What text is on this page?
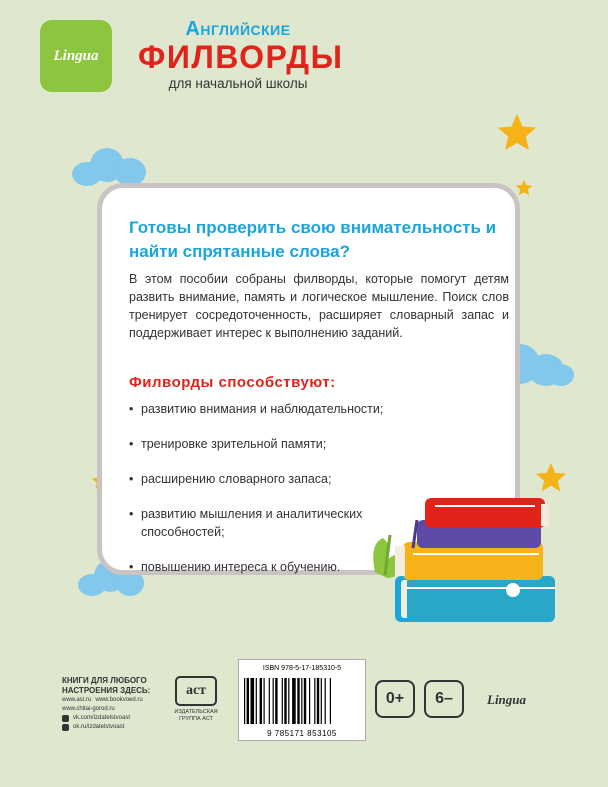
Lingua
Английские
ФИЛВОРДЫ
для начальной школы
Готовы проверить свою внимательность и найти спрятанные слова?
В этом пособии собраны филворды, которые помогут детям развить внимание, память и логическое мышление. Поиск слов тренирует сосредоточенность, расширяет словарный запас и поддерживает интерес к выполнению заданий.
Филворды способствуют:
• развитию внимания и наблюдательности;
• тренировке зрительной памяти;
• расширению словарного запаса;
• развитию мышления и аналитических способностей;
• повышению интереса к обучению.
КНИГИ ДЛЯ ЛЮБОГО НАСТРОЕНИЯ ЗДЕСЬ:
www.ast.ru www.bookvoed.ru
www.chitai-gorod.ru
vk.com/izdatelstvoast
ok.ru/izdatelstvoast
аст
ИЗДАТЕЛЬСКАЯ ГРУППА АСТ
ISBN 978-5-17-185310-5
9 785171 853105
0+	6–	Lingua
